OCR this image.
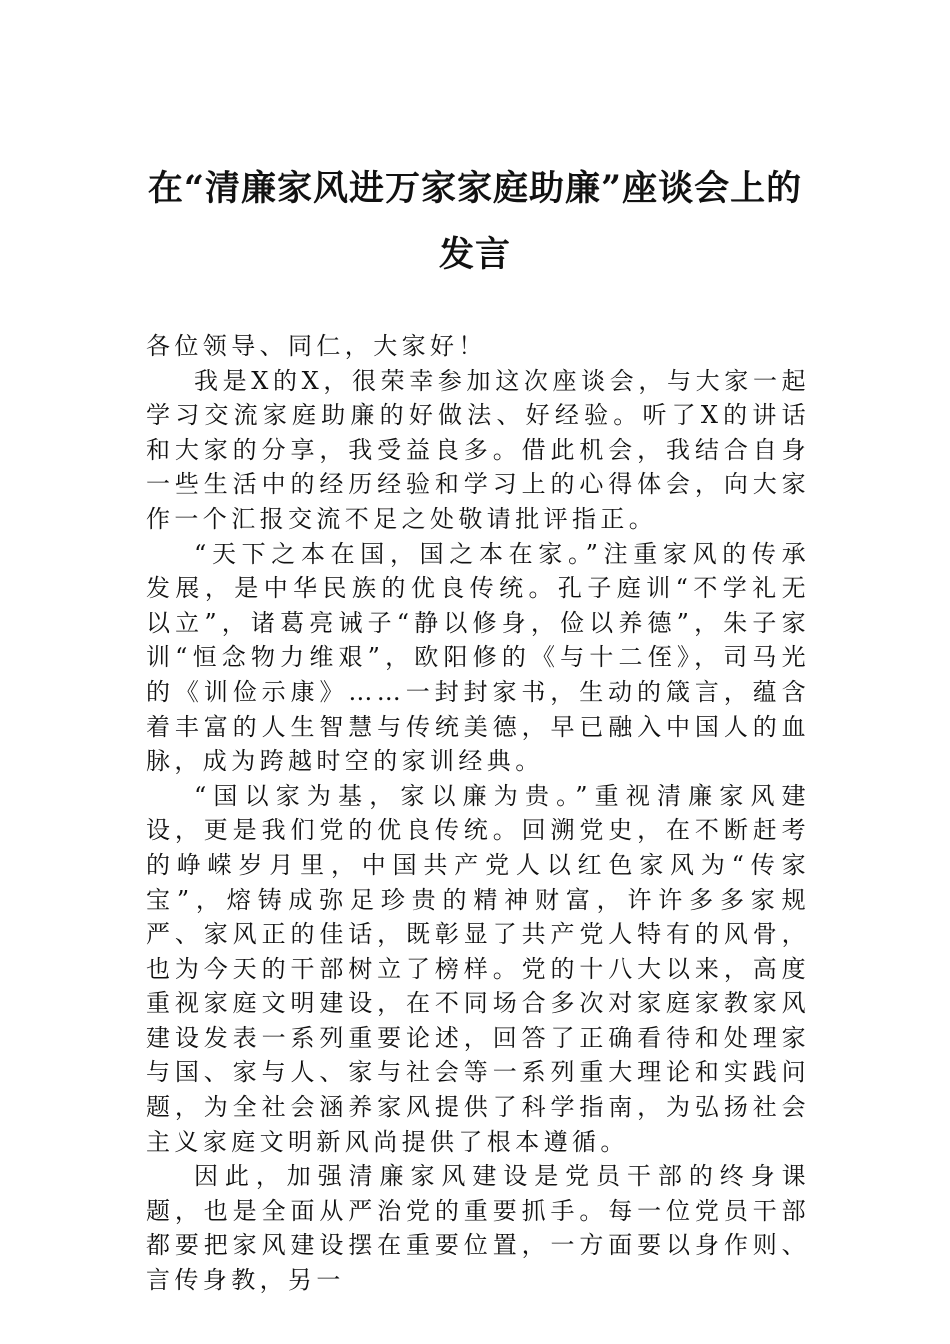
在“清廉家风进万家家庭助廉”座谈会上的发言

各位领导、同仁，大家好！

我是X的X，很荣幸参加这次座谈会，与大家一起学习交流家庭助廉的好做法、好经验。听了X的讲话和大家的分享，我受益良多。借此机会，我结合自身一些生活中的经历经验和学习上的心得体会，向大家作一个汇报交流不足之处敬请批评指正。

“天下之本在国，国之本在家。”注重家风的传承发展，是中华民族的优良传统。孔子庭训“不学礼无以立”，诸葛亮诫子“静以修身，俭以养德”，朱子家训“恒念物力维艰”，欧阳修的《与十二侄》，司马光的《训俭示康》……一封封家书，生动的箴言，蕴含着丰富的人生智慧与传统美德，早已融入中国人的血脉，成为跨越时空的家训经典。

“国以家为基，家以廉为贵。”重视清廉家风建设，更是我们党的优良传统。回溯党史，在不断赶考的峥嵘岁月里，中国共产党人以红色家风为“传家宝”，熔铸成弥足珍贵的精神财富，许许多多家规严、家风正的佳话，既彰显了共产党人特有的风骨，也为今天的干部树立了榜样。党的十八大以来，高度重视家庭文明建设，在不同场合多次对家庭家教家风建设发表一系列重要论述，回答了正确看待和处理家与国、家与人、家与社会等一系列重大理论和实践问题，为全社会涵养家风提供了科学指南，为弘扬社会主义家庭文明新风尚提供了根本遵循。

因此，加强清廉家风建设是党员干部的终身课题，也是全面从严治党的重要抓手。每一位党员干部都要把家风建设摆在重要位置，一方面要以身作则、言传身教，另一
